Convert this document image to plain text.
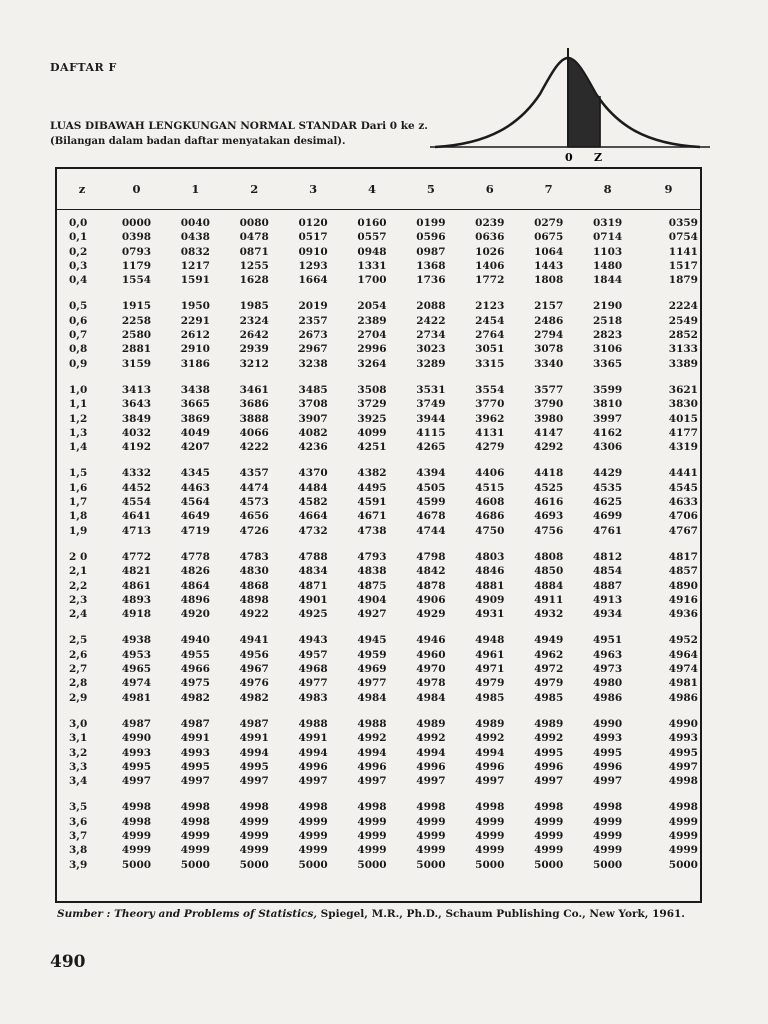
DAFTAR F
LUAS DIBAWAH LENGKUNGAN NORMAL STANDAR Dari 0 ke z.
(Bilangan dalam badan daftar menyatakan desimal).
0 Z
z	0	1	2	3	4	5	6	7	8	9

0,0	0000	0040	0080	0120	0160	0199	0239	0279	0319	0359
0,1	0398	0438	0478	0517	0557	0596	0636	0675	0714	0754
0,2	0793	0832	0871	0910	0948	0987	1026	1064	1103	1141
0,3	1179	1217	1255	1293	1331	1368	1406	1443	1480	1517
0,4	1554	1591	1628	1664	1700	1736	1772	1808	1844	1879

0,5	1915	1950	1985	2019	2054	2088	2123	2157	2190	2224
0,6	2258	2291	2324	2357	2389	2422	2454	2486	2518	2549
0,7	2580	2612	2642	2673	2704	2734	2764	2794	2823	2852
0,8	2881	2910	2939	2967	2996	3023	3051	3078	3106	3133
0,9	3159	3186	3212	3238	3264	3289	3315	3340	3365	3389

1,0	3413	3438	3461	3485	3508	3531	3554	3577	3599	3621
1,1	3643	3665	3686	3708	3729	3749	3770	3790	3810	3830
1,2	3849	3869	3888	3907	3925	3944	3962	3980	3997	4015
1,3	4032	4049	4066	4082	4099	4115	4131	4147	4162	4177
1,4	4192	4207	4222	4236	4251	4265	4279	4292	4306	4319

1,5	4332	4345	4357	4370	4382	4394	4406	4418	4429	4441
1,6	4452	4463	4474	4484	4495	4505	4515	4525	4535	4545
1,7	4554	4564	4573	4582	4591	4599	4608	4616	4625	4633
1,8	4641	4649	4656	4664	4671	4678	4686	4693	4699	4706
1,9	4713	4719	4726	4732	4738	4744	4750	4756	4761	4767

2 0	4772	4778	4783	4788	4793	4798	4803	4808	4812	4817
2,1	4821	4826	4830	4834	4838	4842	4846	4850	4854	4857
2,2	4861	4864	4868	4871	4875	4878	4881	4884	4887	4890
2,3	4893	4896	4898	4901	4904	4906	4909	4911	4913	4916
2,4	4918	4920	4922	4925	4927	4929	4931	4932	4934	4936

2,5	4938	4940	4941	4943	4945	4946	4948	4949	4951	4952
2,6	4953	4955	4956	4957	4959	4960	4961	4962	4963	4964
2,7	4965	4966	4967	4968	4969	4970	4971	4972	4973	4974
2,8	4974	4975	4976	4977	4977	4978	4979	4979	4980	4981
2,9	4981	4982	4982	4983	4984	4984	4985	4985	4986	4986

3,0	4987	4987	4987	4988	4988	4989	4989	4989	4990	4990
3,1	4990	4991	4991	4991	4992	4992	4992	4992	4993	4993
3,2	4993	4993	4994	4994	4994	4994	4994	4995	4995	4995
3,3	4995	4995	4995	4996	4996	4996	4996	4996	4996	4997
3,4	4997	4997	4997	4997	4997	4997	4997	4997	4997	4998

3,5	4998	4998	4998	4998	4998	4998	4998	4998	4998	4998
3,6	4998	4998	4999	4999	4999	4999	4999	4999	4999	4999
3,7	4999	4999	4999	4999	4999	4999	4999	4999	4999	4999
3,8	4999	4999	4999	4999	4999	4999	4999	4999	4999	4999
3,9	5000	5000	5000	5000	5000	5000	5000	5000	5000	5000
Sumber : Theory and Problems of Statistics, Spiegel, M.R., Ph.D., Schaum Publishing Co., New York, 1961.
490
